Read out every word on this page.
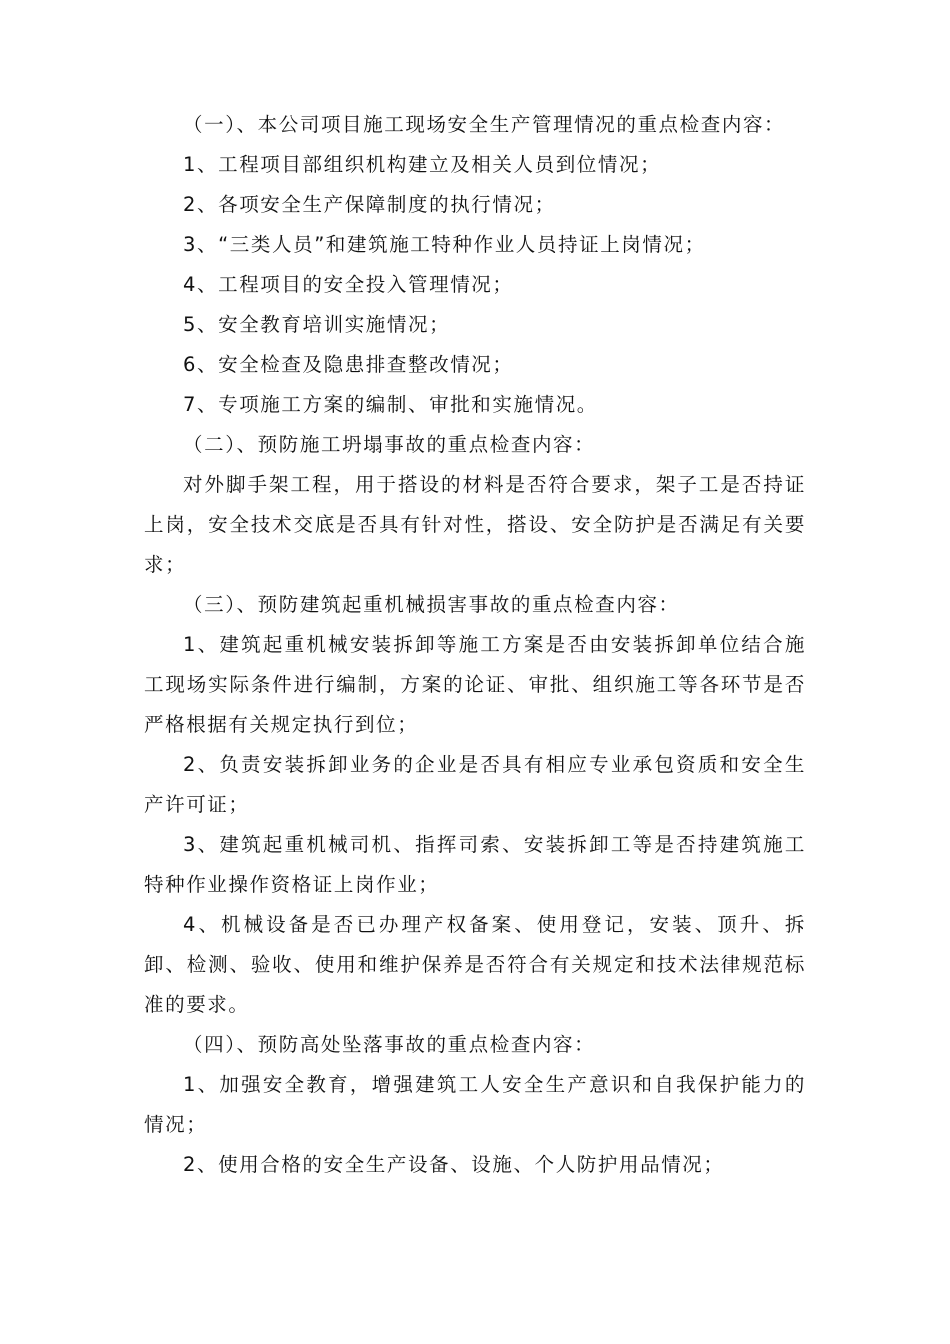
（一）、本公司项目施工现场安全生产管理情况的重点检查内容：

1、工程项目部组织机构建立及相关人员到位情况；

2、各项安全生产保障制度的执行情况；

3、“三类人员”和建筑施工特种作业人员持证上岗情况；

4、工程项目的安全投入管理情况；

5、安全教育培训实施情况；

6、安全检查及隐患排查整改情况；

7、专项施工方案的编制、审批和实施情况。

（二）、预防施工坍塌事故的重点检查内容：

对外脚手架工程，用于搭设的材料是否符合要求，架子工是否持证上岗，安全技术交底是否具有针对性，搭设、安全防护是否满足有关要求；

（三）、预防建筑起重机械损害事故的重点检查内容：

1、建筑起重机械安装拆卸等施工方案是否由安装拆卸单位结合施工现场实际条件进行编制，方案的论证、审批、组织施工等各环节是否严格根据有关规定执行到位；

2、负责安装拆卸业务的企业是否具有相应专业承包资质和安全生产许可证；

3、建筑起重机械司机、指挥司索、安装拆卸工等是否持建筑施工特种作业操作资格证上岗作业；

4、机械设备是否已办理产权备案、使用登记，安装、顶升、拆卸、检测、验收、使用和维护保养是否符合有关规定和技术法律规范标准的要求。

（四）、预防高处坠落事故的重点检查内容：

1、加强安全教育，增强建筑工人安全生产意识和自我保护能力的情况；

2、使用合格的安全生产设备、设施、个人防护用品情况；
